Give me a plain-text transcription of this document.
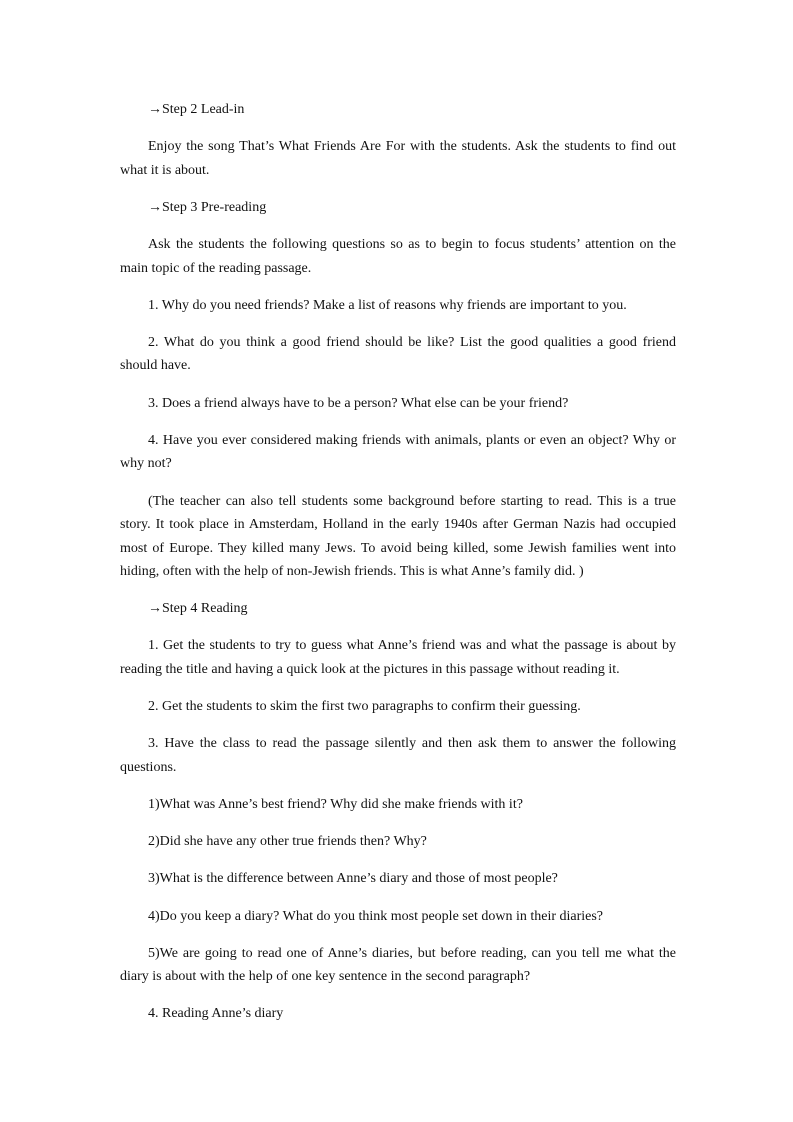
→Step 2 Lead-in

Enjoy the song That’s What Friends Are For with the students. Ask the students to find out what it is about.

→Step 3 Pre-reading

Ask the students the following questions so as to begin to focus students’ attention on the main topic of the reading passage.

1. Why do you need friends? Make a list of reasons why friends are important to you.

2. What do you think a good friend should be like? List the good qualities a good friend should have.

3. Does a friend always have to be a person? What else can be your friend?

4. Have you ever considered making friends with animals, plants or even an object? Why or why not?

(The teacher can also tell students some background before starting to read. This is a true story. It took place in Amsterdam, Holland in the early 1940s after German Nazis had occupied most of Europe. They killed many Jews. To avoid being killed, some Jewish families went into hiding, often with the help of non-Jewish friends. This is what Anne’s family did. )

→Step 4 Reading

1. Get the students to try to guess what Anne’s friend was and what the passage is about by reading the title and having a quick look at the pictures in this passage without reading it.

2. Get the students to skim the first two paragraphs to confirm their guessing.

3. Have the class to read the passage silently and then ask them to answer the following questions.

1)What was Anne’s best friend? Why did she make friends with it?

2)Did she have any other true friends then? Why?

3)What is the difference between Anne’s diary and those of most people?

4)Do you keep a diary? What do you think most people set down in their diaries?

5)We are going to read one of Anne’s diaries, but before reading, can you tell me what the diary is about with the help of one key sentence in the second paragraph?

4. Reading Anne’s diary
